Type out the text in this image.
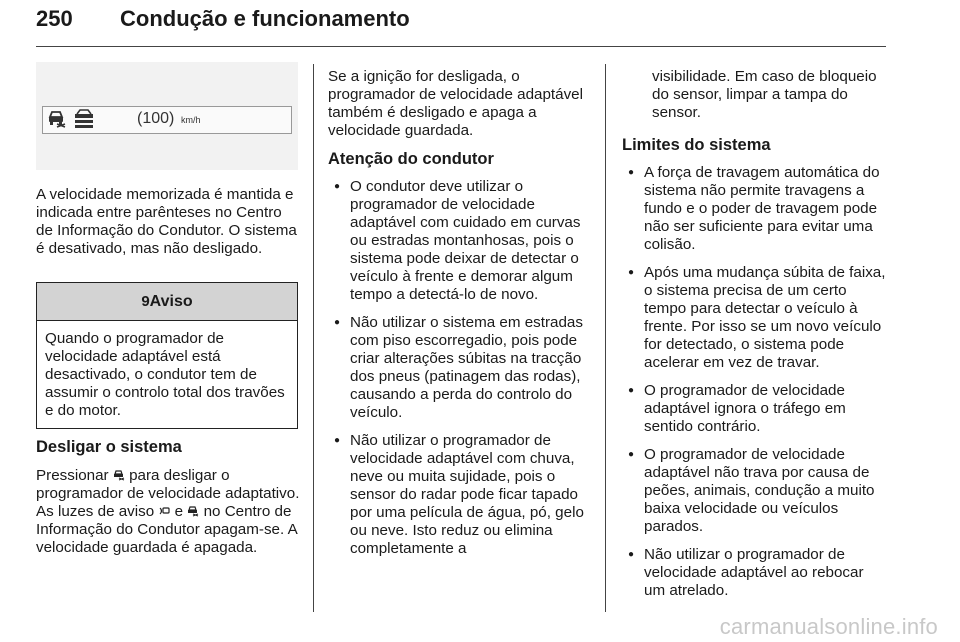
250 Condução e funcionamento
(100) km/h

A velocidade memorizada é mantida e indicada entre parênteses no Centro de Informação do Condutor. O sistema é desativado, mas não desligado.

9Aviso
Quando o programador de velocidade adaptável está desactivado, o condutor tem de assumir o controlo total dos travões e do motor.
Desligar o sistema

Pressionar para desligar o programador de velocidade adaptativo. As luzes de aviso e no Centro de Informação do Condutor apagam-se. A velocidade guardada é apagada.

Se a ignição for desligada, o programador de velocidade adaptável também é desligado e apaga a velocidade guardada.

Atenção do condutor
● O condutor deve utilizar o programador de velocidade adaptável com cuidado em curvas ou estradas montanhosas, pois o sistema pode deixar de detectar o veículo à frente e demorar algum tempo a detectá-lo de novo.
● Não utilizar o sistema em estradas com piso escorregadio, pois pode criar alterações súbitas na tracção dos pneus (patinagem das rodas), causando a perda do controlo do veículo.
● Não utilizar o programador de velocidade adaptável com chuva, neve ou muita sujidade, pois o sensor do radar pode ficar tapado por uma película de água, pó, gelo ou neve. Isto reduz ou elimina completamente a

visibilidade. Em caso de bloqueio do sensor, limpar a tampa do sensor.

Limites do sistema
● A força de travagem automática do sistema não permite travagens a fundo e o poder de travagem pode não ser suficiente para evitar uma colisão.
● Após uma mudança súbita de faixa, o sistema precisa de um certo tempo para detectar o veículo à frente. Por isso se um novo veículo for detectado, o sistema pode acelerar em vez de travar.
● O programador de velocidade adaptável ignora o tráfego em sentido contrário.
● O programador de velocidade adaptável não trava por causa de peões, animais, condução a muito baixa velocidade ou veículos parados.
● Não utilizar o programador de velocidade adaptável ao rebocar um atrelado.
carmanualsonline.info
